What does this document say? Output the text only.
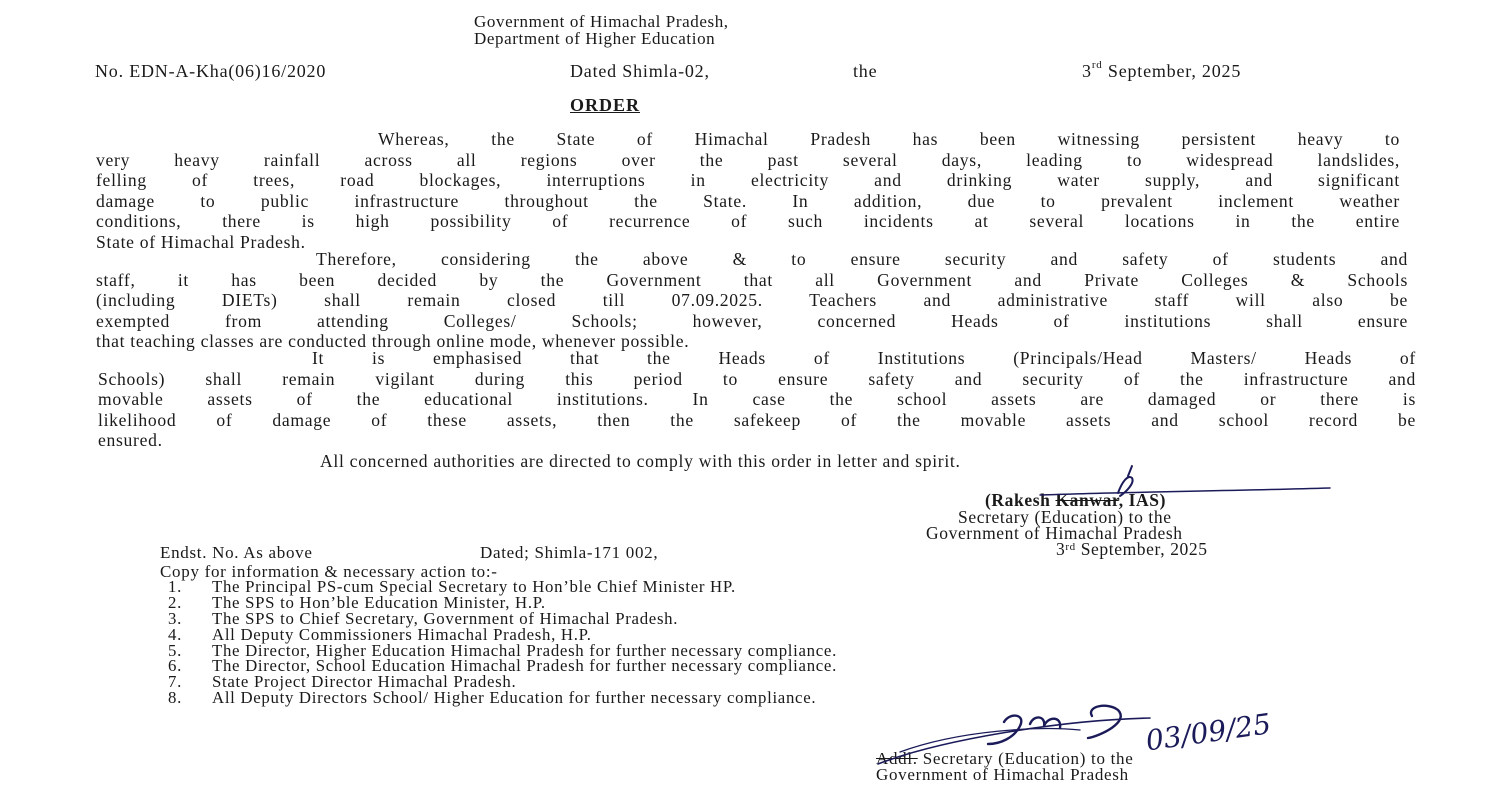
Government of Himachal Pradesh,
Department of Higher Education
No. EDN-A-Kha(06)16/2020	Dated Shimla-02,	the	3rd September, 2025
ORDER
Whereas, the State of Himachal Pradesh has been witnessing persistent heavy to
very heavy rainfall across all regions over the past several days, leading to widespread landslides,
felling of trees, road blockages, interruptions in electricity and drinking water supply, and significant
damage to public infrastructure throughout the State. In addition, due to prevalent inclement weather
conditions, there is high possibility of recurrence of such incidents at several locations in the entire
State of Himachal Pradesh.
Therefore, considering the above & to ensure security and safety of students and
staff, it has been decided by the Government that all Government and Private Colleges & Schools
(including DIETs) shall remain closed till 07.09.2025. Teachers and administrative staff will also be
exempted from attending Colleges/ Schools; however, concerned Heads of institutions shall ensure
that teaching classes are conducted through online mode, whenever possible.
It is emphasised that the Heads of Institutions (Principals/Head Masters/ Heads of
Schools) shall remain vigilant during this period to ensure safety and security of the infrastructure and
movable assets of the educational institutions. In case the school assets are damaged or there is
likelihood of damage of these assets, then the safekeep of the movable assets and school record be
ensured.
All concerned authorities are directed to comply with this order in letter and spirit.
(Rakesh Kanwar, IAS)
Secretary (Education) to the
Government of Himachal Pradesh
3rd September, 2025
Endst. No. As above	Dated; Shimla-171 002,
Copy for information & necessary action to:-
1. The Principal PS-cum Special Secretary to Hon’ble Chief Minister HP.
2. The SPS to Hon’ble Education Minister, H.P.
3. The SPS to Chief Secretary, Government of Himachal Pradesh.
4. All Deputy Commissioners Himachal Pradesh, H.P.
5. The Director, Higher Education Himachal Pradesh for further necessary compliance.
6. The Director, School Education Himachal Pradesh for further necessary compliance.
7. State Project Director Himachal Pradesh.
8. All Deputy Directors School/ Higher Education for further necessary compliance.
Addl. Secretary (Education) to the
Government of Himachal Pradesh
03/09/25
